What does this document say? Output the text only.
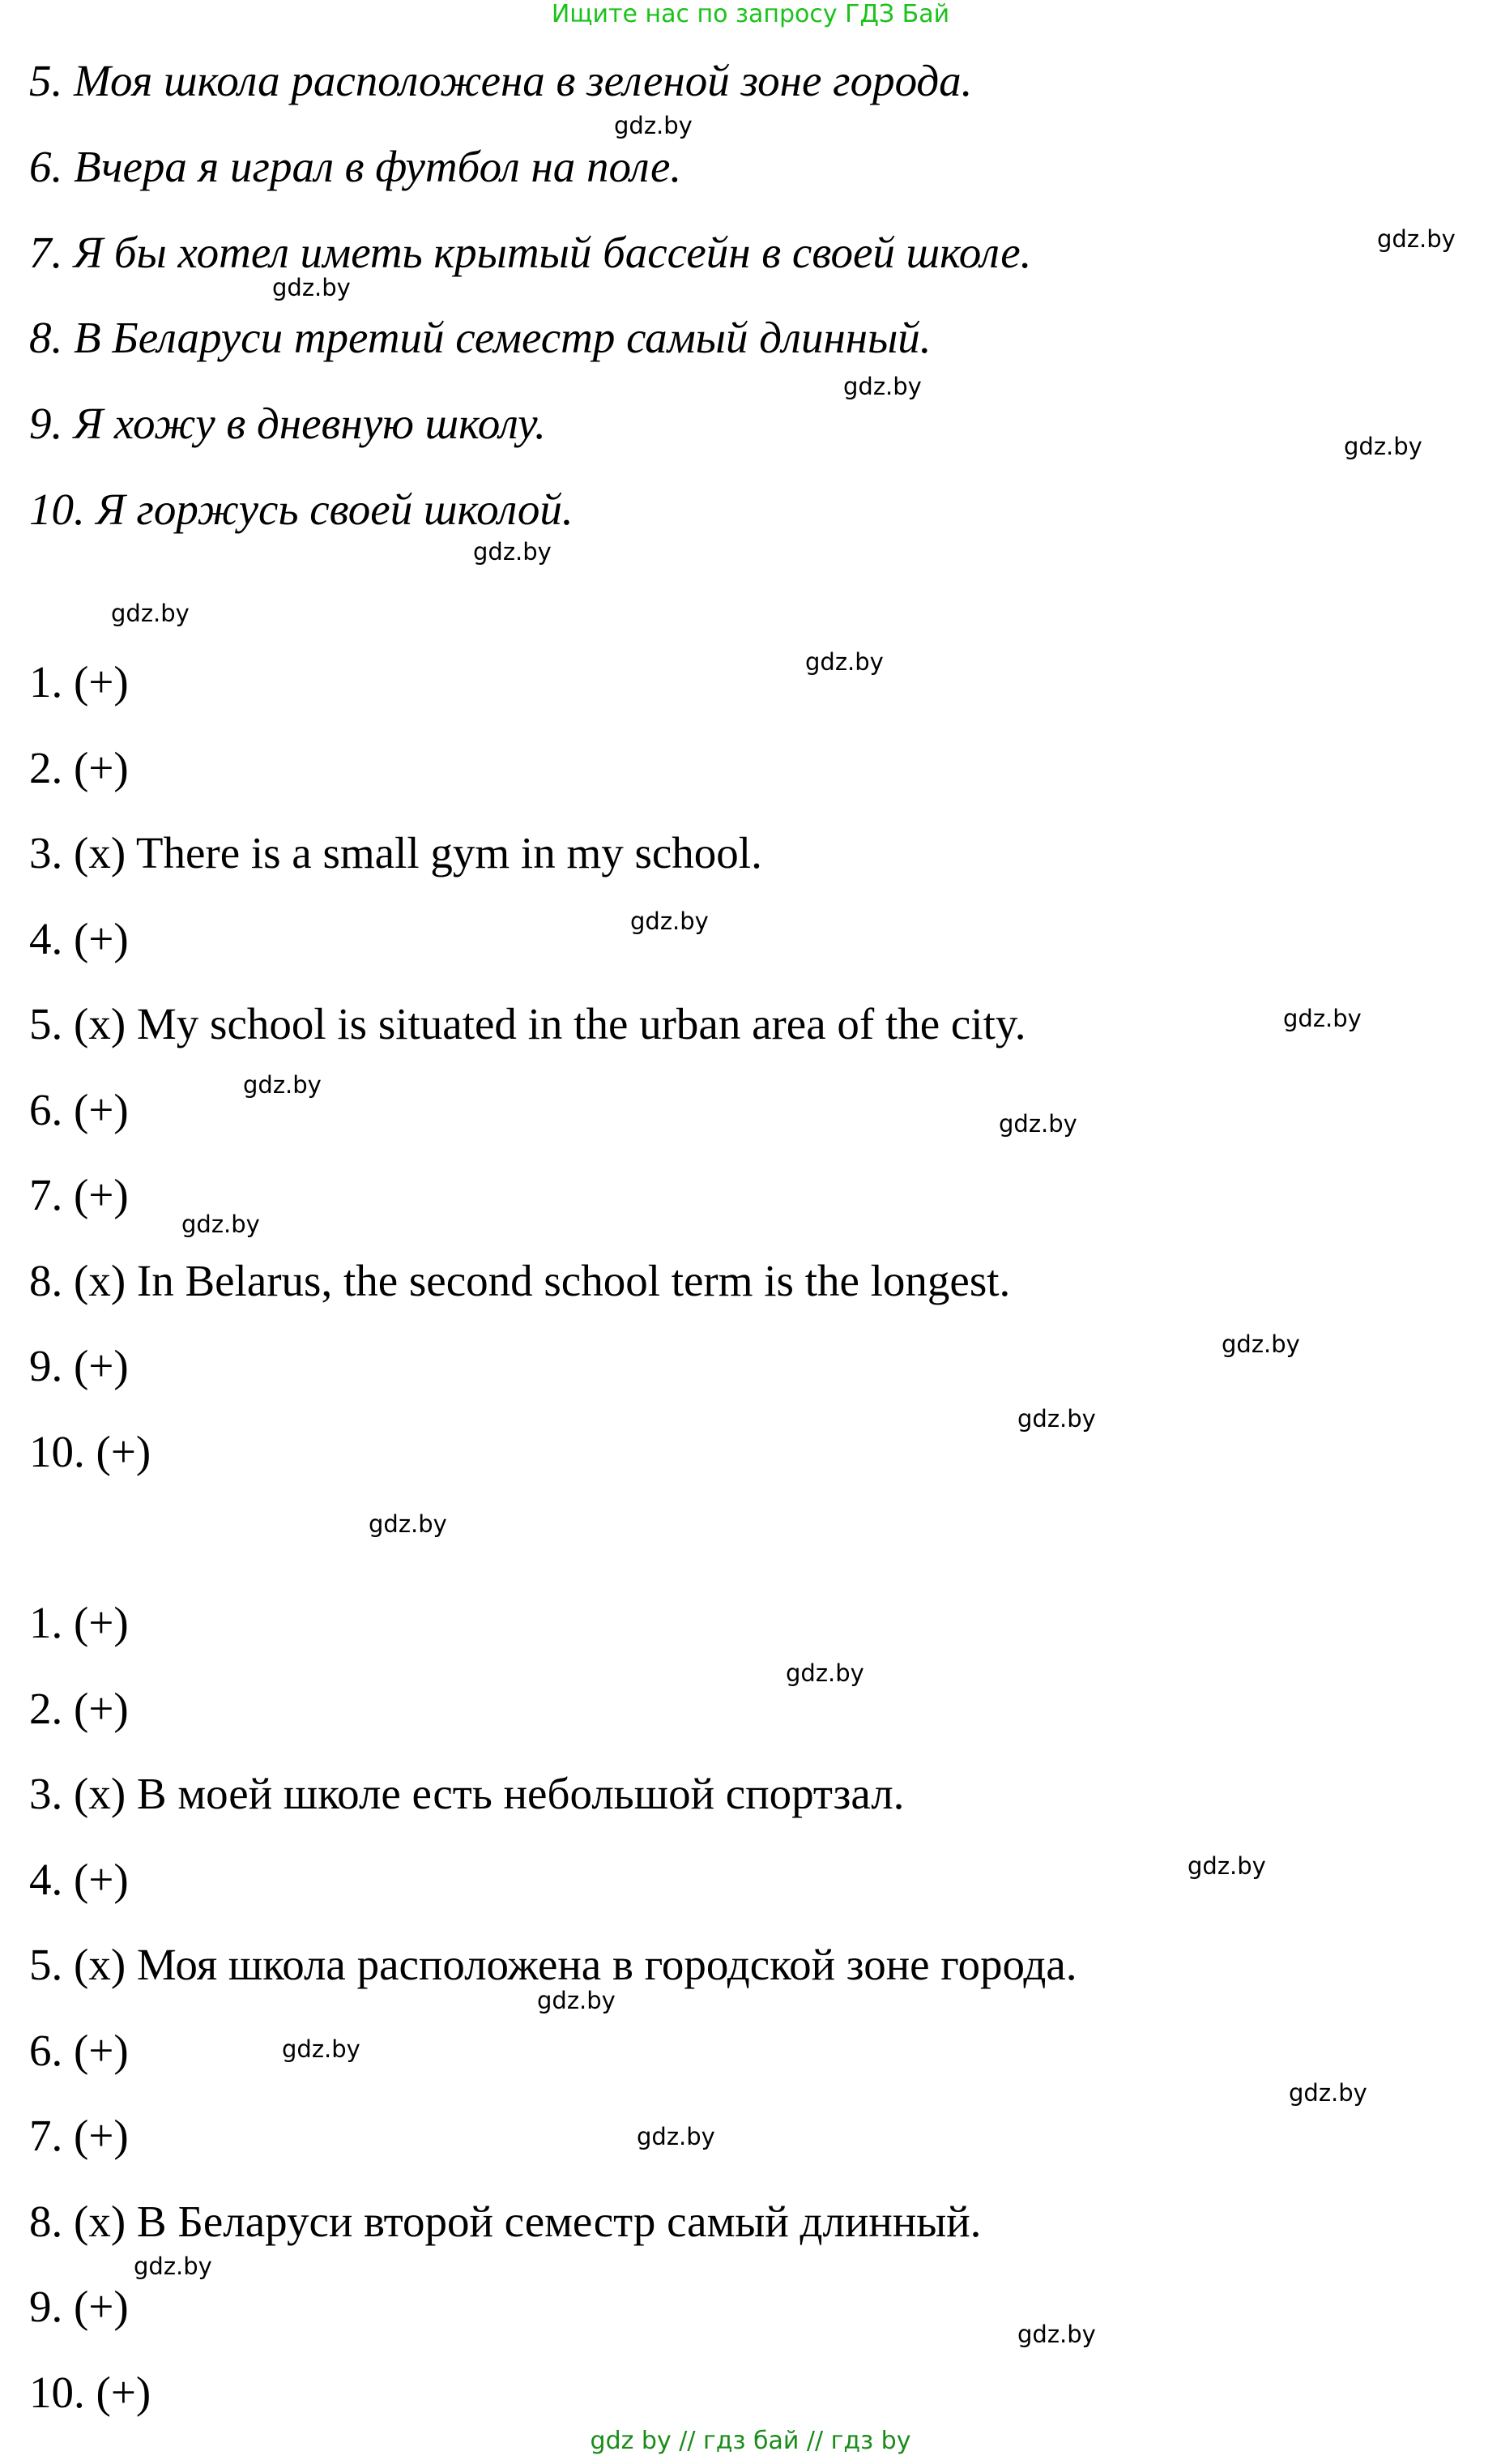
Ищите нас по запросу ГДЗ Бай
5. Моя школа расположена в зеленой зоне города.
6. Вчера я играл в футбол на поле.
7. Я бы хотел иметь крытый бассейн в своей школе.
8. В Беларуси третий семестр самый длинный.
9. Я хожу в дневную школу.
10. Я горжусь своей школой.
1. (+)
2. (+)
3. (x) There is a small gym in my school.
4. (+)
5. (x) My school is situated in the urban area of the city.
6. (+)
7. (+)
8. (x) In Belarus, the second school term is the longest.
9. (+)
10. (+)
1. (+)
2. (+)
3. (x) В моей школе есть небольшой спортзал.
4. (+)
5. (x) Моя школа расположена в городской зоне города.
6. (+)
7. (+)
8. (x) В Беларуси второй семестр самый длинный.
9. (+)
10. (+)
gdz.by
gdz.by
gdz.by
gdz.by
gdz.by
gdz.by
gdz.by
gdz.by
gdz.by
gdz.by
gdz.by
gdz.by
gdz.by
gdz.by
gdz.by
gdz.by
gdz.by
gdz.by
gdz.by
gdz.by
gdz.by
gdz.by
gdz.by
gdz.by
gdz by // гдз бай // гдз by
